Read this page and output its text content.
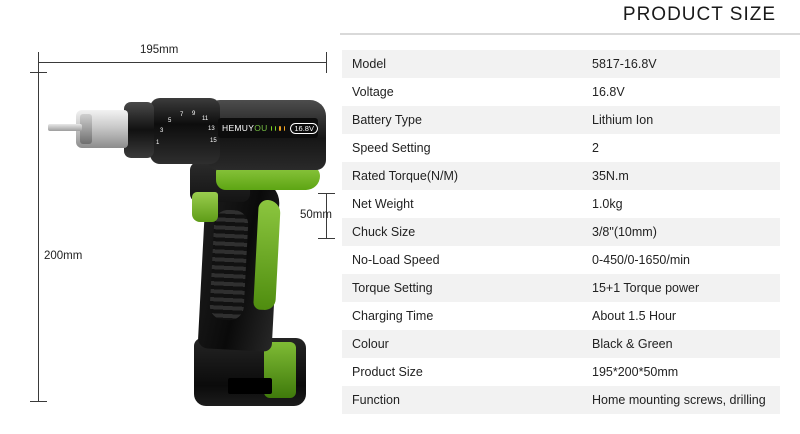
PRODUCT SIZE
195mm
200mm
50mm
1
3
5
7 9
11
13
15
HEMUYOU	16.8V
Model	5817-16.8V
Voltage	16.8V
Battery Type	Lithium Ion
Speed Setting	2
Rated Torque(N/M)	35N.m
Net Weight	1.0kg
Chuck Size	3/8"(10mm)
No-Load Speed	0-450/0-1650/min
Torque Setting	15+1 Torque power
Charging Time	About 1.5 Hour
Colour	Black & Green
Product Size	195*200*50mm
Function	Home mounting screws, drilling
